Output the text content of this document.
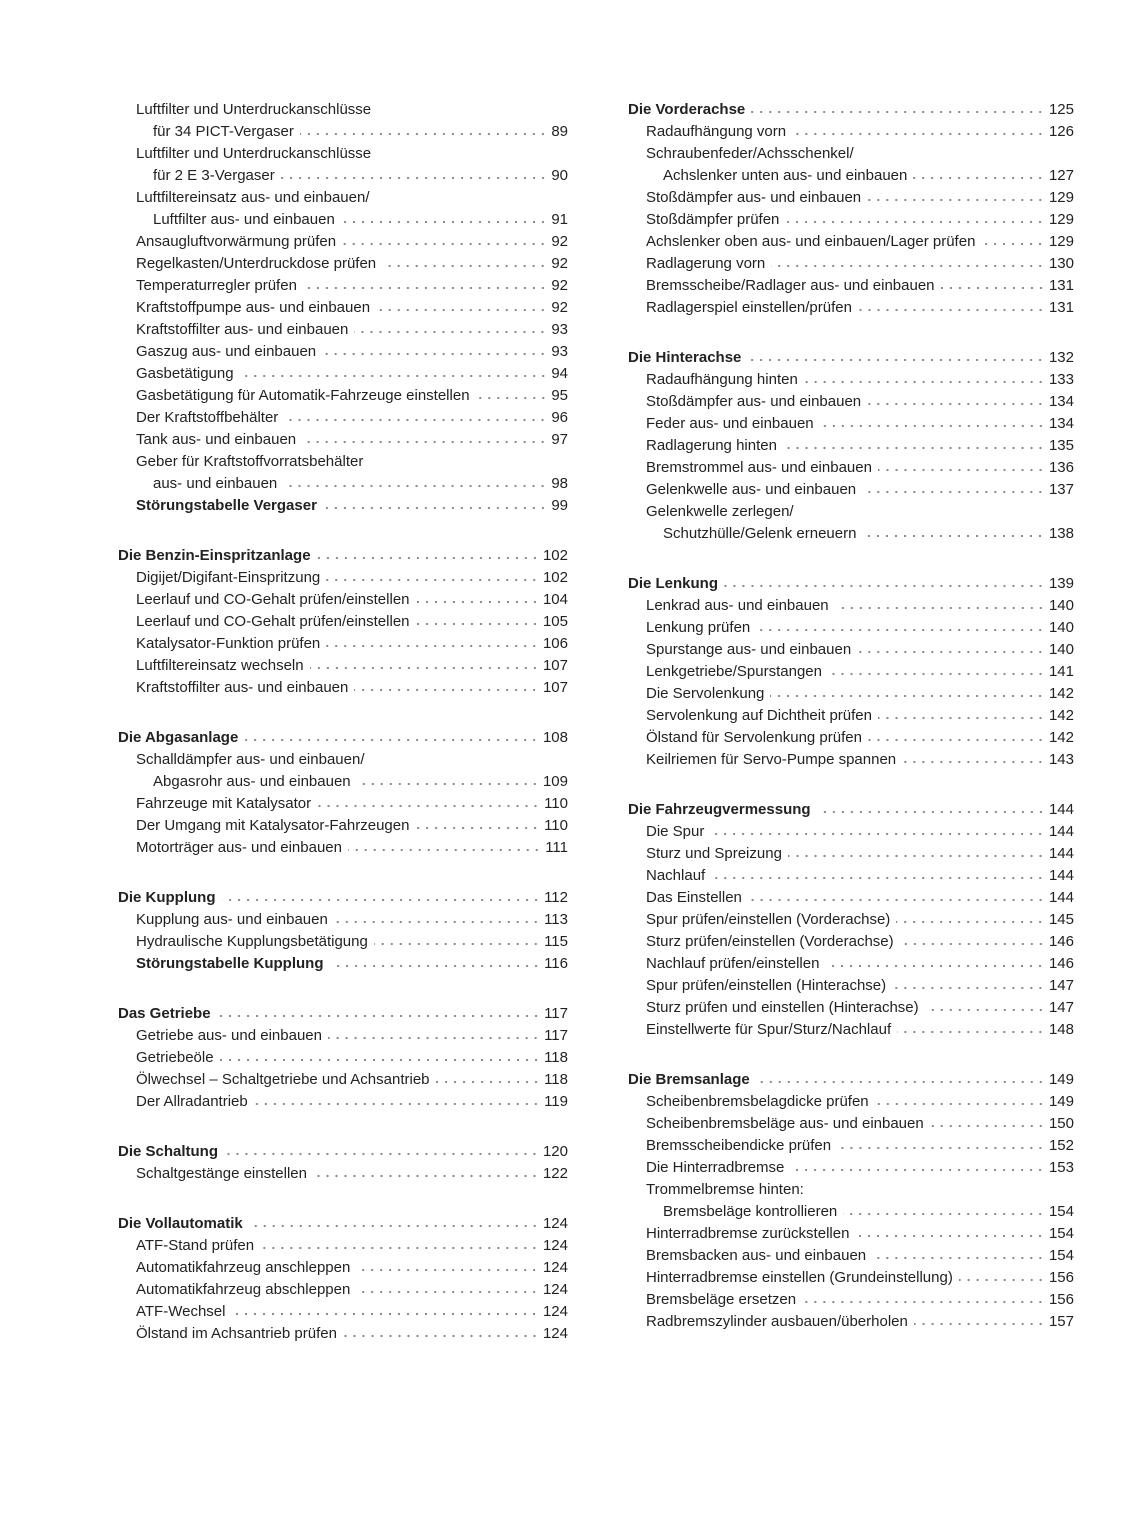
Luftfilter und Unterdruckanschlüsse
für 34 PICT-Vergaser	89
Luftfilter und Unterdruckanschlüsse
für 2 E 3-Vergaser	90
Luftfiltereinsatz aus- und einbauen/
Luftfilter aus- und einbauen	91
Ansaugluftvorwärmung prüfen	92
Regelkasten/Unterdruckdose prüfen	92
Temperaturregler prüfen	92
Kraftstoffpumpe aus- und einbauen	92
Kraftstoffilter aus- und einbauen	93
Gaszug aus- und einbauen	93
Gasbetätigung	94
Gasbetätigung für Automatik-Fahrzeuge einstellen	95
Der Kraftstoffbehälter	96
Tank aus- und einbauen	97
Geber für Kraftstoffvorratsbehälter
aus- und einbauen	98
Störungstabelle Vergaser	99
Die Benzin-Einspritzanlage	102
Digijet/Digifant-Einspritzung	102
Leerlauf und CO-Gehalt prüfen/einstellen	104
Leerlauf und CO-Gehalt prüfen/einstellen	105
Katalysator-Funktion prüfen	106
Luftfiltereinsatz wechseln	107
Kraftstoffilter aus- und einbauen	107
Die Abgasanlage	108
Schalldämpfer aus- und einbauen/
Abgasrohr aus- und einbauen	109
Fahrzeuge mit Katalysator	110
Der Umgang mit Katalysator-Fahrzeugen	110
Motorträger aus- und einbauen	111
Die Kupplung	112
Kupplung aus- und einbauen	113
Hydraulische Kupplungsbetätigung	115
Störungstabelle Kupplung	116
Das Getriebe	117
Getriebe aus- und einbauen	117
Getriebeöle	118
Ölwechsel – Schaltgetriebe und Achsantrieb	118
Der Allradantrieb	119
Die Schaltung	120
Schaltgestänge einstellen	122
Die Vollautomatik	124
ATF-Stand prüfen	124
Automatikfahrzeug anschleppen	124
Automatikfahrzeug abschleppen	124
ATF-Wechsel	124
Ölstand im Achsantrieb prüfen	124
Die Vorderachse	125
Radaufhängung vorn	126
Schraubenfeder/Achsschenkel/
Achslenker unten aus- und einbauen	127
Stoßdämpfer aus- und einbauen	129
Stoßdämpfer prüfen	129
Achslenker oben aus- und einbauen/Lager prüfen	129
Radlagerung vorn	130
Bremsscheibe/Radlager aus- und einbauen	131
Radlagerspiel einstellen/prüfen	131
Die Hinterachse	132
Radaufhängung hinten	133
Stoßdämpfer aus- und einbauen	134
Feder aus- und einbauen	134
Radlagerung hinten	135
Bremstrommel aus- und einbauen	136
Gelenkwelle aus- und einbauen	137
Gelenkwelle zerlegen/
Schutzhülle/Gelenk erneuern	138
Die Lenkung	139
Lenkrad aus- und einbauen	140
Lenkung prüfen	140
Spurstange aus- und einbauen	140
Lenkgetriebe/Spurstangen	141
Die Servolenkung	142
Servolenkung auf Dichtheit prüfen	142
Ölstand für Servolenkung prüfen	142
Keilriemen für Servo-Pumpe spannen	143
Die Fahrzeugvermessung	144
Die Spur	144
Sturz und Spreizung	144
Nachlauf	144
Das Einstellen	144
Spur prüfen/einstellen (Vorderachse)	145
Sturz prüfen/einstellen (Vorderachse)	146
Nachlauf prüfen/einstellen	146
Spur prüfen/einstellen (Hinterachse)	147
Sturz prüfen und einstellen (Hinterachse)	147
Einstellwerte für Spur/Sturz/Nachlauf	148
Die Bremsanlage	149
Scheibenbremsbelagdicke prüfen	149
Scheibenbremsbeläge aus- und einbauen	150
Bremsscheibendicke prüfen	152
Die Hinterradbremse	153
Trommelbremse hinten:
Bremsbeläge kontrollieren	154
Hinterradbremse zurückstellen	154
Bremsbacken aus- und einbauen	154
Hinterradbremse einstellen (Grundeinstellung)	156
Bremsbeläge ersetzen	156
Radbremszylinder ausbauen/überholen	157
